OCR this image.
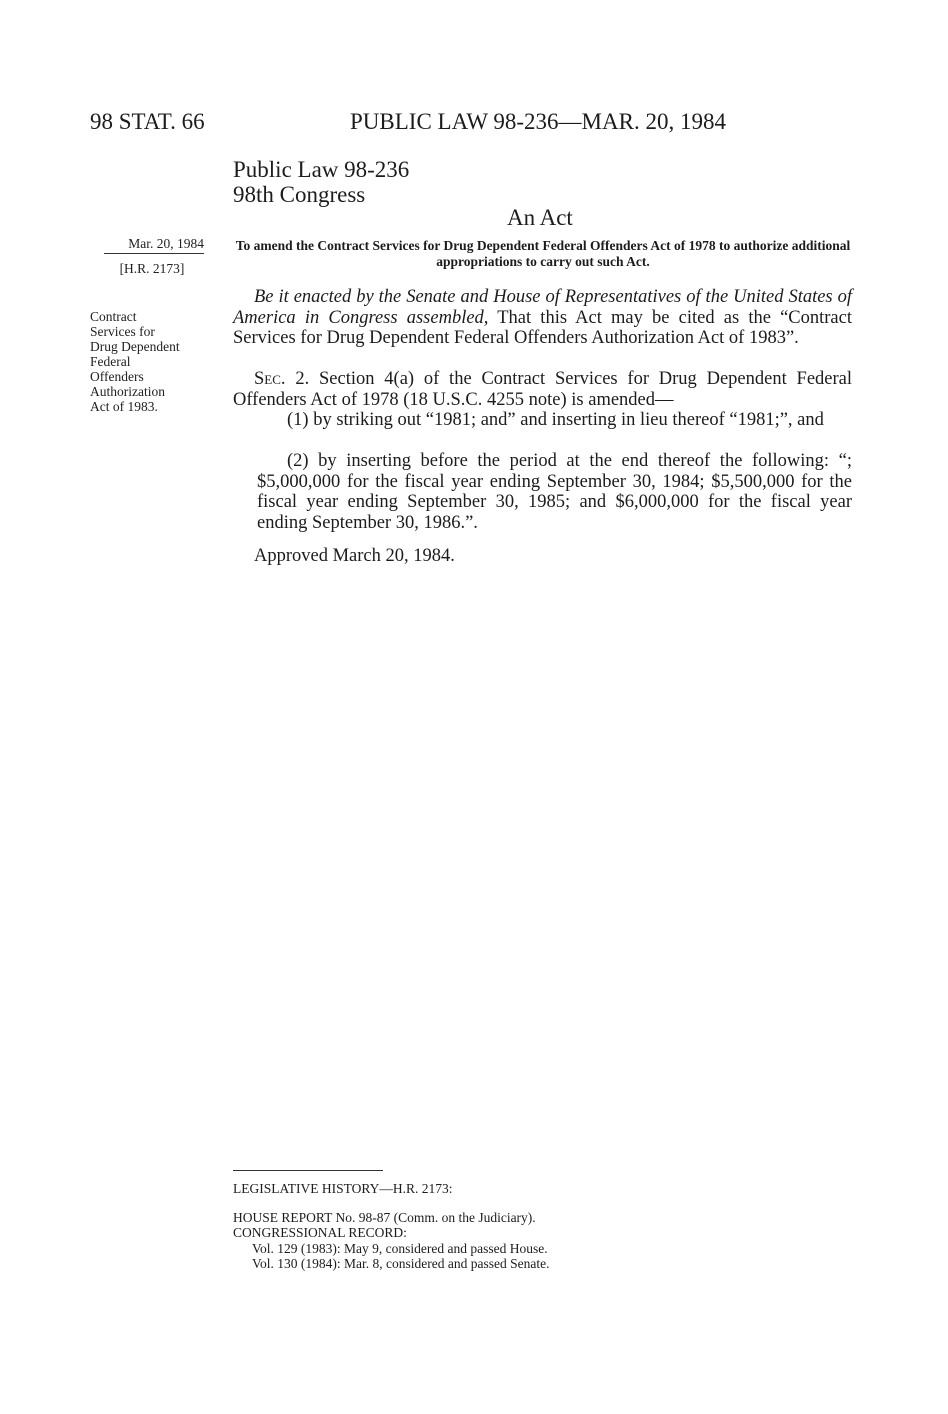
98 STAT. 66	PUBLIC LAW 98-236—MAR. 20, 1984
Public Law 98-236
98th Congress
An Act
Mar. 20, 1984
[H.R. 2173]
Contract
Services for
Drug Dependent
Federal
Offenders
Authorization
Act of 1983.
To amend the Contract Services for Drug Dependent Federal Offenders Act of 1978 to authorize additional appropriations to carry out such Act.
Be it enacted by the Senate and House of Representatives of the United States of America in Congress assembled, That this Act may be cited as the “Contract Services for Drug Dependent Federal Offenders Authorization Act of 1983”.
Sec. 2. Section 4(a) of the Contract Services for Drug Dependent Federal Offenders Act of 1978 (18 U.S.C. 4255 note) is amended—
(1) by striking out “1981; and” and inserting in lieu thereof “1981;”, and
(2) by inserting before the period at the end thereof the following: “; $5,000,000 for the fiscal year ending September 30, 1984; $5,500,000 for the fiscal year ending September 30, 1985; and $6,000,000 for the fiscal year ending September 30, 1986.”.
Approved March 20, 1984.
LEGISLATIVE HISTORY—H.R. 2173:
HOUSE REPORT No. 98-87 (Comm. on the Judiciary).
CONGRESSIONAL RECORD:
Vol. 129 (1983): May 9, considered and passed House.
Vol. 130 (1984): Mar. 8, considered and passed Senate.
